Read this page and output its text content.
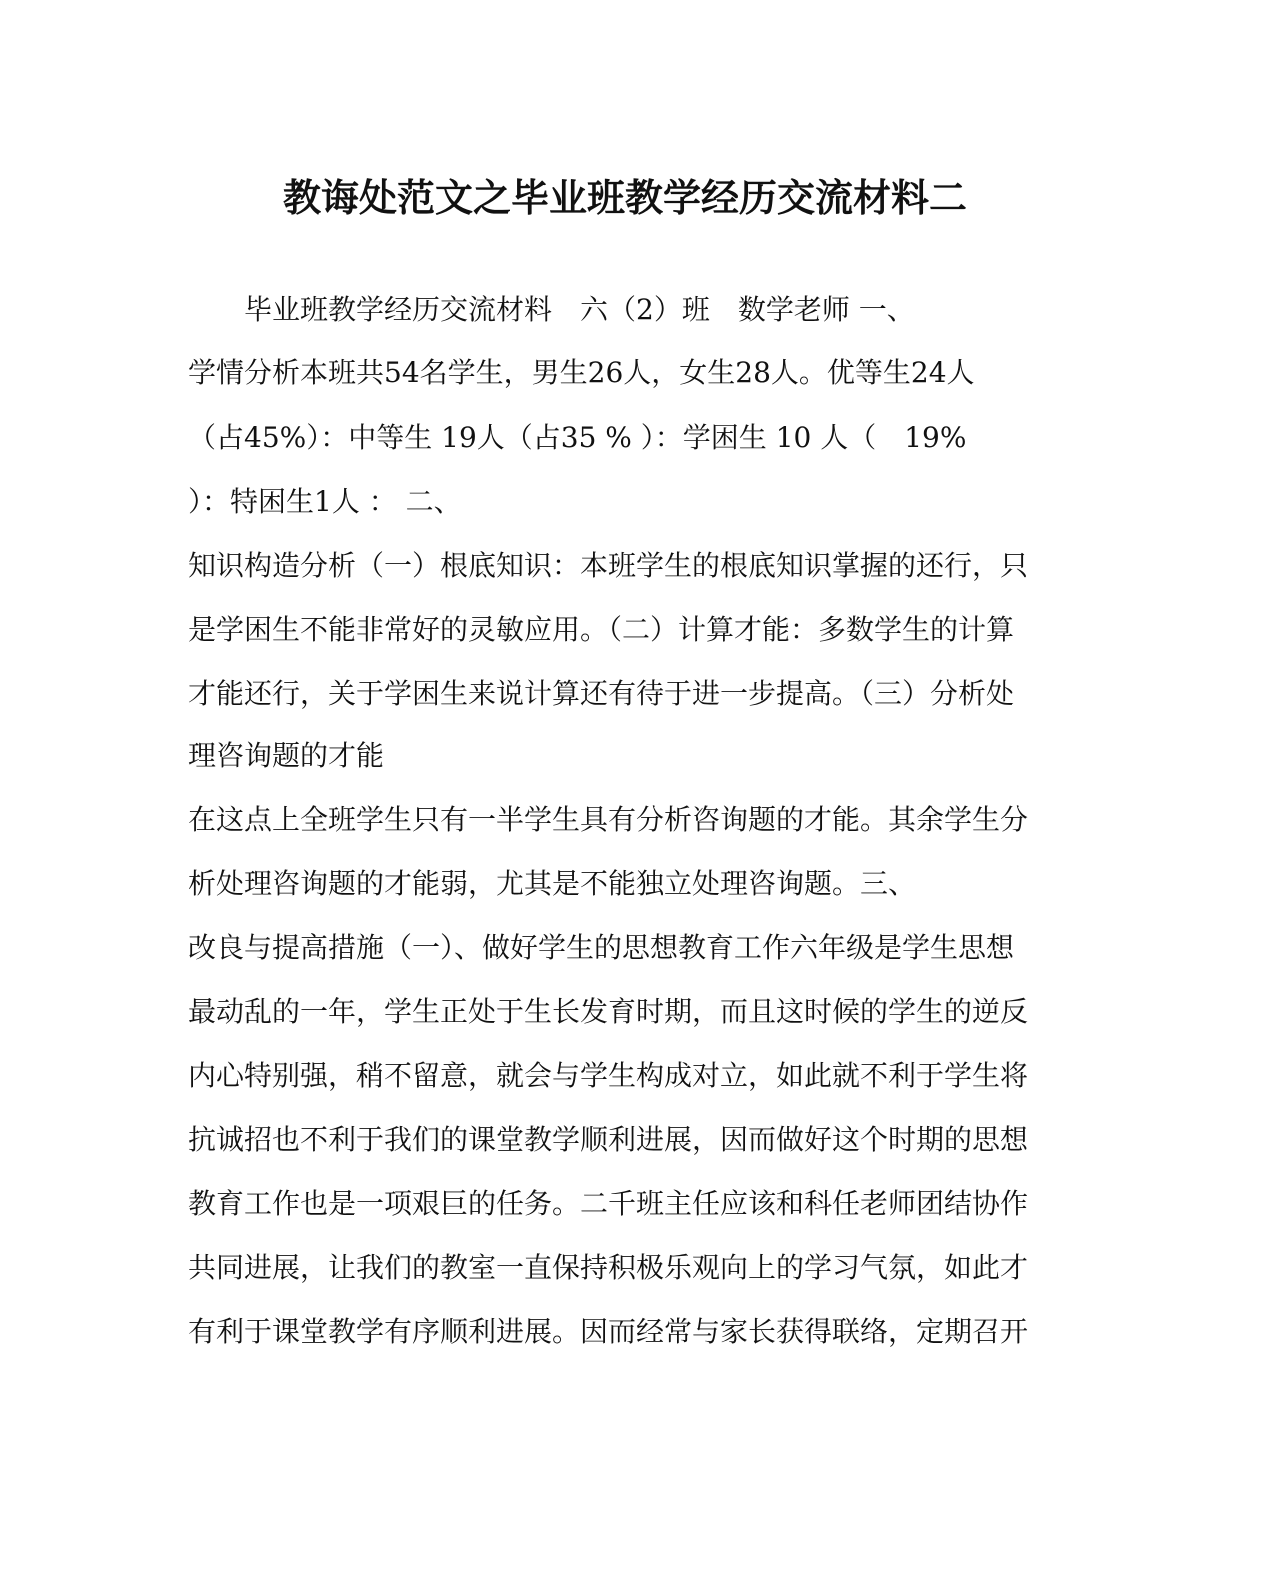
教诲处范文之毕业班教学经历交流材料二
　　毕业班教学经历交流材料　六（2）班　数学老师 一、
学情分析本班共54名学生，男生26人，女生28人。优等生24人
（占45%）：中等生 19人（占35 % ）：学困生 10 人（　19%
）：特困生1人 ： 二、
知识构造分析（一）根底知识：本班学生的根底知识掌握的还行，只
是学困生不能非常好的灵敏应用。（二）计算才能：多数学生的计算
才能还行，关于学困生来说计算还有待于进一步提高。（三）分析处
理咨询题的才能
在这点上全班学生只有一半学生具有分析咨询题的才能。其余学生分
析处理咨询题的才能弱，尤其是不能独立处理咨询题。三、
改良与提高措施（一）、做好学生的思想教育工作六年级是学生思想
最动乱的一年，学生正处于生长发育时期，而且这时候的学生的逆反
内心特别强，稍不留意，就会与学生构成对立，如此就不利于学生将
抗诚招也不利于我们的课堂教学顺利进展，因而做好这个时期的思想
教育工作也是一项艰巨的任务。二千班主任应该和科任老师团结协作
共同进展，让我们的教室一直保持积极乐观向上的学习气氛，如此才
有利于课堂教学有序顺利进展。因而经常与家长获得联络，定期召开
